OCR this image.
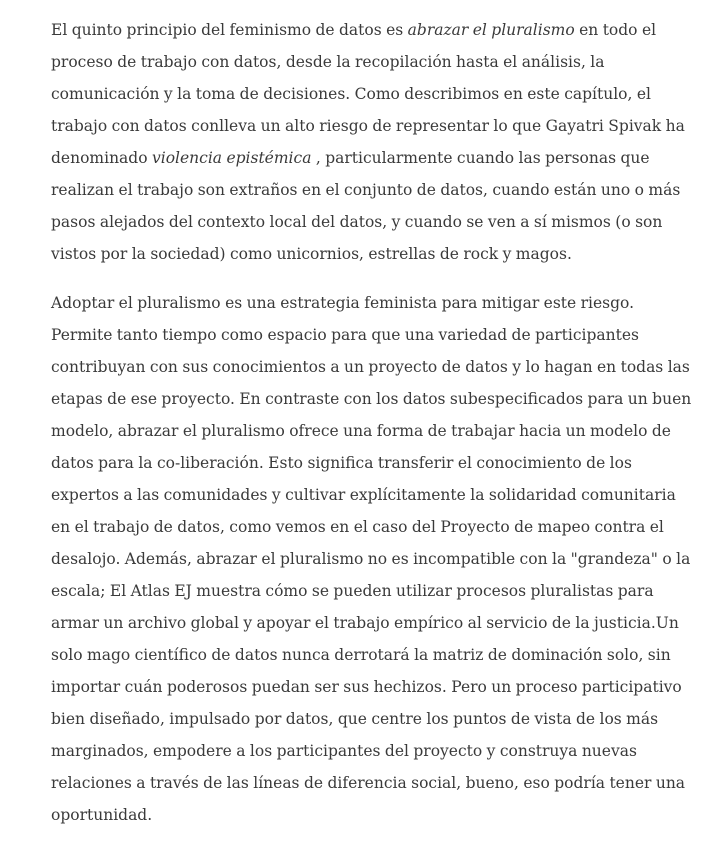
El quinto principio del feminismo de datos es abrazar el pluralismo en todo el proceso de trabajo con datos, desde la recopilación hasta el análisis, la comunicación y la toma de decisiones. Como describimos en este capítulo, el trabajo con datos conlleva un alto riesgo de representar lo que Gayatri Spivak ha denominado violencia epistémica , particularmente cuando las personas que realizan el trabajo son extraños en el conjunto de datos, cuando están uno o más pasos alejados del contexto local del datos, y cuando se ven a sí mismos (o son vistos por la sociedad) como unicornios, estrellas de rock y magos.

Adoptar el pluralismo es una estrategia feminista para mitigar este riesgo. Permite tanto tiempo como espacio para que una variedad de participantes contribuyan con sus conocimientos a un proyecto de datos y lo hagan en todas las etapas de ese proyecto. En contraste con los datos subespecificados para un buen modelo, abrazar el pluralismo ofrece una forma de trabajar hacia un modelo de datos para la co-liberación. Esto significa transferir el conocimiento de los expertos a las comunidades y cultivar explícitamente la solidaridad comunitaria en el trabajo de datos, como vemos en el caso del Proyecto de mapeo contra el desalojo. Además, abrazar el pluralismo no es incompatible con la "grandeza" o la escala; El Atlas EJ muestra cómo se pueden utilizar procesos pluralistas para armar un archivo global y apoyar el trabajo empírico al servicio de la justicia.Un solo mago científico de datos nunca derrotará la matriz de dominación solo, sin importar cuán poderosos puedan ser sus hechizos. Pero un proceso participativo bien diseñado, impulsado por datos, que centre los puntos de vista de los más marginados, empodere a los participantes del proyecto y construya nuevas relaciones a través de las líneas de diferencia social, bueno, eso podría tener una oportunidad.
